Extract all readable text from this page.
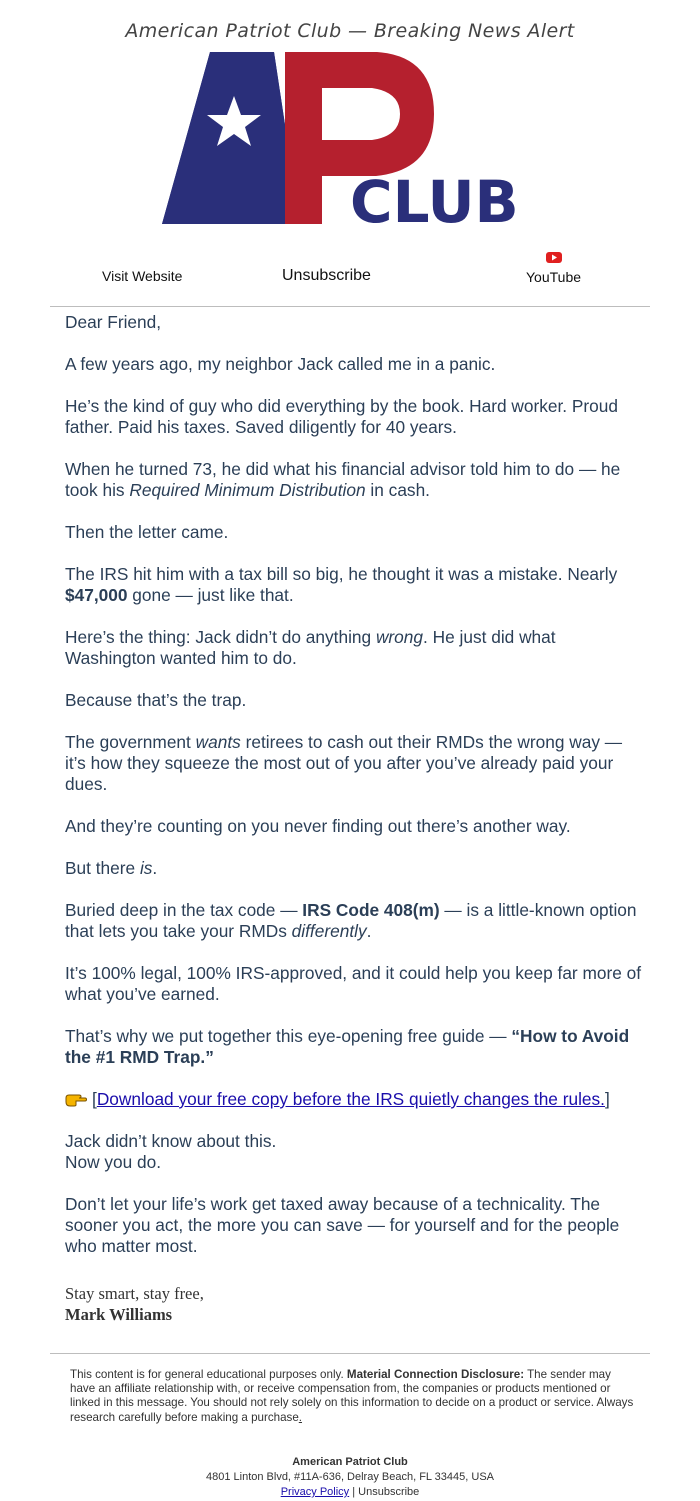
American Patriot Club — Breaking News Alert
CLUB
Visit Website	Unsubscribe	YouTube

Dear Friend,

A few years ago, my neighbor Jack called me in a panic.

He’s the kind of guy who did everything by the book. Hard worker. Proud father. Paid his taxes. Saved diligently for 40 years.

When he turned 73, he did what his financial advisor told him to do — he took his Required Minimum Distribution in cash.

Then the letter came.

The IRS hit him with a tax bill so big, he thought it was a mistake. Nearly $47,000 gone — just like that.

Here’s the thing: Jack didn’t do anything wrong. He just did what Washington wanted him to do.

Because that’s the trap.

The government wants retirees to cash out their RMDs the wrong way — it’s how they squeeze the most out of you after you’ve already paid your dues.

And they’re counting on you never finding out there’s another way.

But there is.

Buried deep in the tax code — IRS Code 408(m) — is a little-known option that lets you take your RMDs differently.

It’s 100% legal, 100% IRS-approved, and it could help you keep far more of what you’ve earned.

That’s why we put together this eye-opening free guide — “How to Avoid the #1 RMD Trap.”

[Download your free copy before the IRS quietly changes the rules.]

Jack didn’t know about this.
Now you do.

Don’t let your life’s work get taxed away because of a technicality. The sooner you act, the more you can save — for yourself and for the people who matter most.

Stay smart, stay free,
Mark Williams
This content is for general educational purposes only. Material Connection Disclosure: The sender may have an affiliate relationship with, or receive compensation from, the companies or products mentioned or linked in this message. You should not rely solely on this information to decide on a product or service. Always research carefully before making a purchase.
American Patriot Club
4801 Linton Blvd, #11A-636, Delray Beach, FL 33445, USA
Privacy Policy | Unsubscribe
